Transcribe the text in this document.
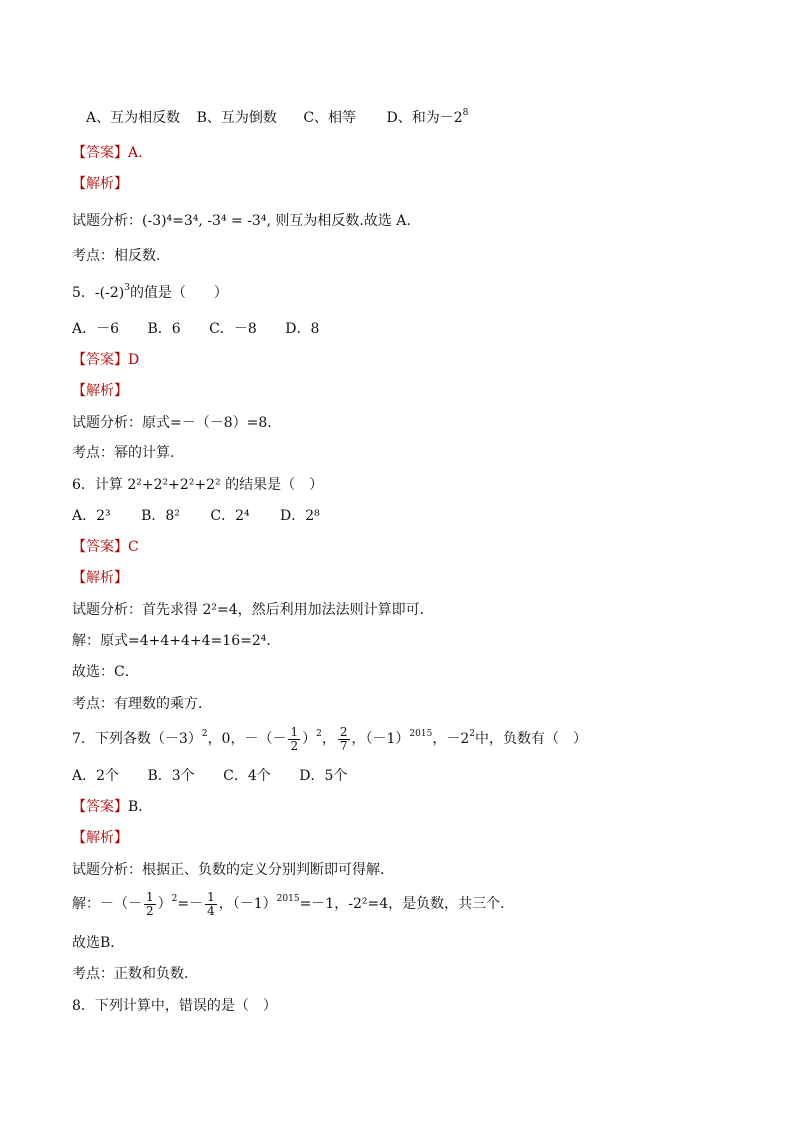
A、互为相反数 B、互为倒数 C、相等 D、和为$-2^8$
【答案】A.
【解析】
试题分析：(-3)⁴=3⁴, -3⁴ = -3⁴, 则互为相反数.故选 A.
考点：相反数.
5．$-(-2)^3$的值是（　　）
A．－6 B．6 C．－8 D．8
【答案】D
【解析】
试题分析：原式=－（－8）=8.
考点：幂的计算.
6．计算 2²+2²+2²+2² 的结果是（　）
A．2³ B．8² C．2⁴ D．2⁸
【答案】C
【解析】
试题分析：首先求得 2²=4，然后利用加法法则计算即可．
解：原式=4+4+4+4=16=2⁴．
故选：C．
考点：有理数的乘方．
7．下列各数$(-3)^2$，0，－（－ $\frac{1}{2} )^2$， $\frac{2}{7}$ ，$(-1)^{2015}$，$-2^2$中，负数有（　）
A．2个 B．3个 C．4个 D．5个
【答案】B．
【解析】
试题分析：根据正、负数的定义分别判断即可得解．
解：－（－ $\frac{1}{2} )^2=- \frac{1}{4}$ ，$(-1)^{2015}=-1$，-2²=4，是负数，共三个．
故选B．
考点：正数和负数．
8．下列计算中，错误的是（　）
